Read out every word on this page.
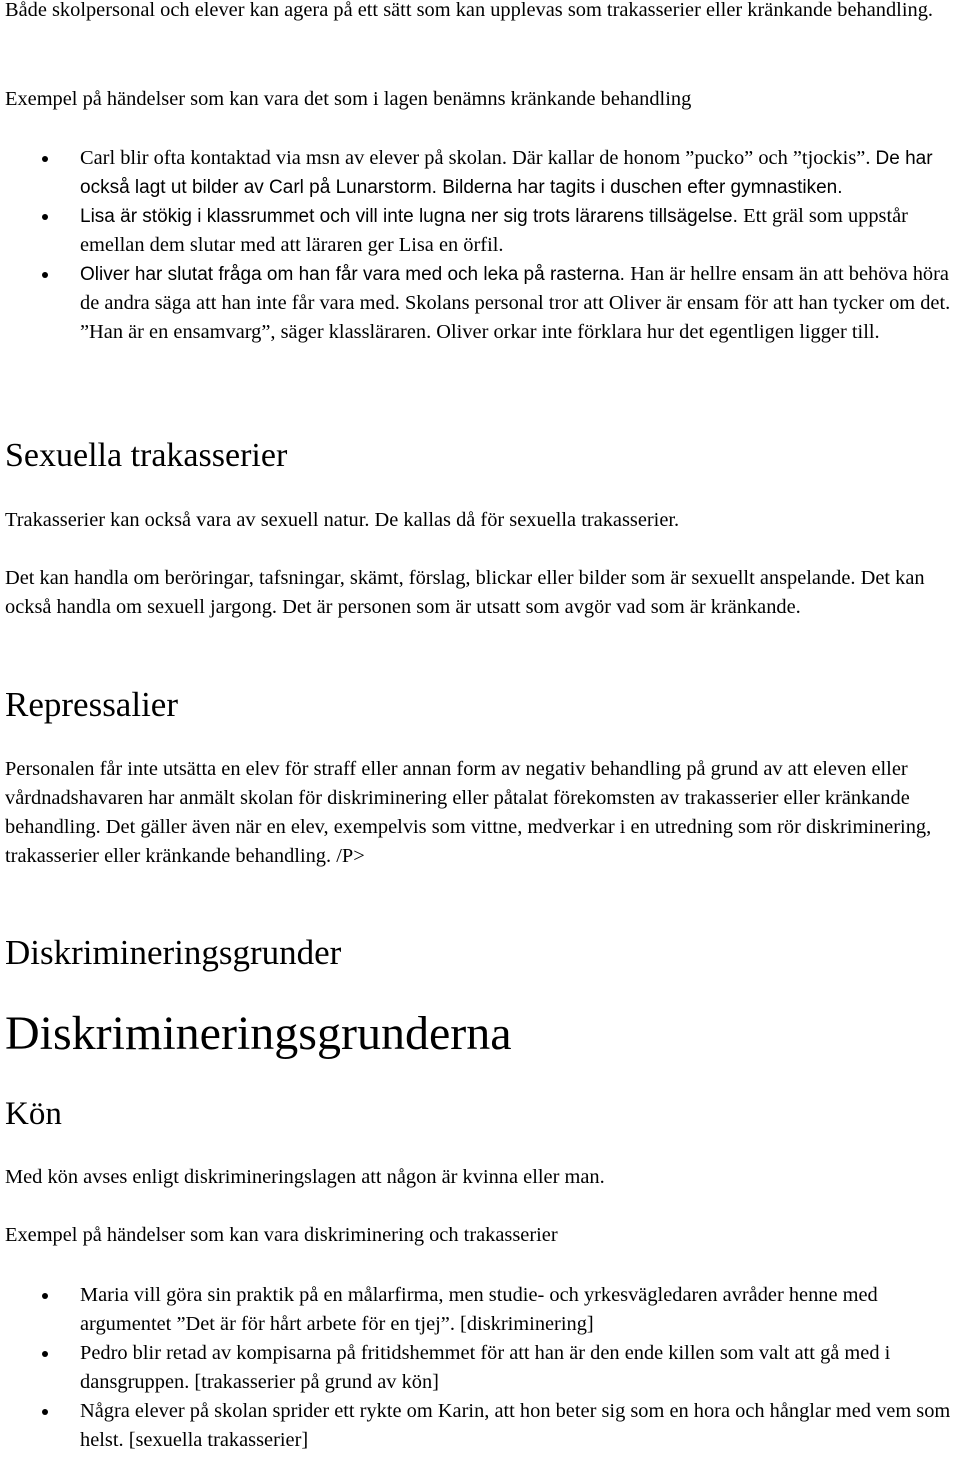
Både skolpersonal och elever kan agera på ett sätt som kan upplevas som trakasserier eller kränkande behandling.

Exempel på händelser som kan vara det som i lagen benämns kränkande behandling

Carl blir ofta kontaktad via msn av elever på skolan. Där kallar de honom ”pucko” och ”tjockis”. De har också lagt ut bilder av Carl på Lunarstorm. Bilderna har tagits i duschen efter gymnastiken.
Lisa är stökig i klassrummet och vill inte lugna ner sig trots lärarens tillsägelse. Ett gräl som uppstår emellan dem slutar med att läraren ger Lisa en örfil.
Oliver har slutat fråga om han får vara med och leka på rasterna. Han är hellre ensam än att behöva höra de andra säga att han inte får vara med. Skolans personal tror att Oliver är ensam för att han tycker om det. ”Han är en ensamvarg”, säger klassläraren. Oliver orkar inte förklara hur det egentligen ligger till.
Sexuella trakasserier

Trakasserier kan också vara av sexuell natur. De kallas då för sexuella trakasserier.

Det kan handla om beröringar, tafsningar, skämt, förslag, blickar eller bilder som är sexuellt anspelande. Det kan också handla om sexuell jargong. Det är personen som är utsatt som avgör vad som är kränkande.

Repressalier

Personalen får inte utsätta en elev för straff eller annan form av negativ behandling på grund av att eleven eller vårdnadshavaren har anmält skolan för diskriminering eller påtalat förekomsten av trakasserier eller kränkande behandling. Det gäller även när en elev, exempelvis som vittne, medverkar i en utredning som rör diskriminering, trakasserier eller kränkande behandling. /P>

Diskrimineringsgrunder
Diskrimineringsgrunderna
Kön

Med kön avses enligt diskrimineringslagen att någon är kvinna eller man.

Exempel på händelser som kan vara diskriminering och trakasserier

Maria vill göra sin praktik på en målarfirma, men studie- och yrkesvägledaren avråder henne med argumentet ”Det är för hårt arbete för en tjej”. [diskriminering]
Pedro blir retad av kompisarna på fritidshemmet för att han är den ende killen som valt att gå med i dansgruppen. [trakasserier på grund av kön]
Några elever på skolan sprider ett rykte om Karin, att hon beter sig som en hora och hånglar med vem som helst. [sexuella trakasserier]
